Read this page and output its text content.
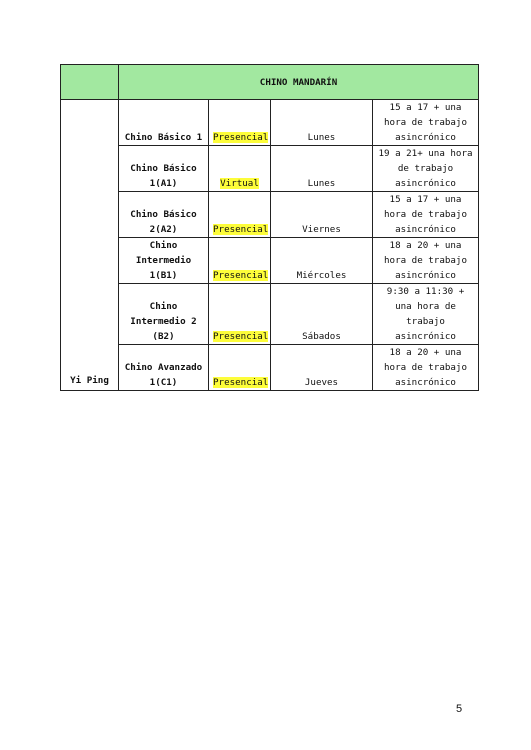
	CHINO MANDARÍN			
Yi Ping	Chino Básico 1	Presencial	Lunes	15 a 17 + una hora de trabajo asincrónico
	Chino Básico 1(A1)	Virtual	Lunes	19 a 21+ una hora de trabajo asincrónico
	Chino Básico 2(A2)	Presencial	Viernes	15 a 17 + una hora de trabajo asincrónico
	Chino Intermedio 1(B1)	Presencial	Miércoles	18 a 20 + una hora de trabajo asincrónico
	Chino Intermedio 2 (B2)	Presencial	Sábados	9:30 a 11:30 + una hora de trabajo asincrónico
	Chino Avanzado 1(C1)	Presencial	Jueves	18 a 20 + una hora de trabajo asincrónico
5
